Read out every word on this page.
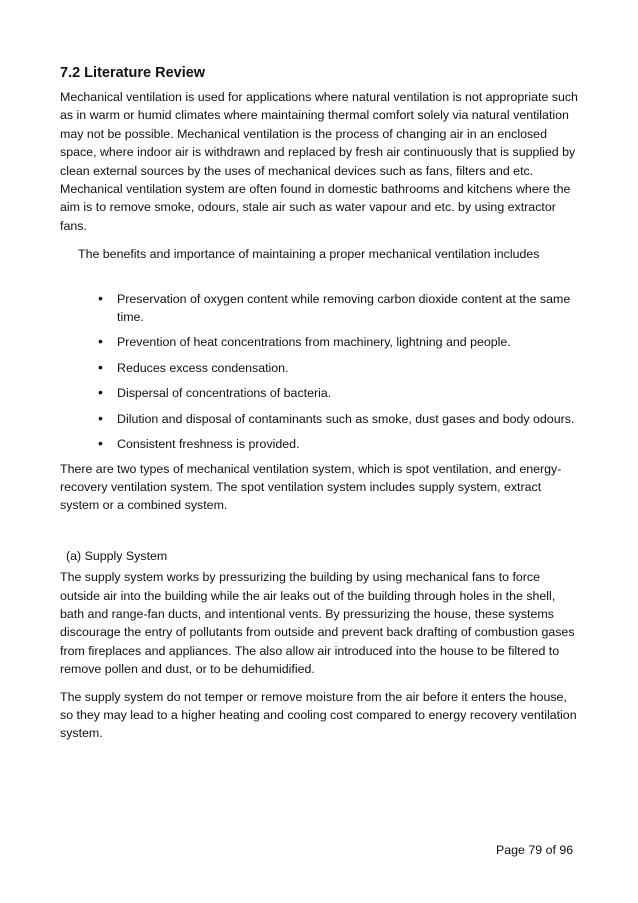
7.2 Literature Review

Mechanical ventilation is used for applications where natural ventilation is not appropriate such as in warm or humid climates where maintaining thermal comfort solely via natural ventilation may not be possible. Mechanical ventilation is the process of changing air in an enclosed space, where indoor air is withdrawn and replaced by fresh air continuously that is supplied by clean external sources by the uses of mechanical devices such as fans, filters and etc. Mechanical ventilation system are often found in domestic bathrooms and kitchens where the aim is to remove smoke, odours, stale air such as water vapour and etc. by using extractor fans.

The benefits and importance of maintaining a proper mechanical ventilation includes

• Preservation of oxygen content while removing carbon dioxide content at the same time.
• Prevention of heat concentrations from machinery, lightning and people.
• Reduces excess condensation.
• Dispersal of concentrations of bacteria.
• Dilution and disposal of contaminants such as smoke, dust gases and body odours.
• Consistent freshness is provided.

There are two types of mechanical ventilation system, which is spot ventilation, and energy-recovery ventilation system. The spot ventilation system includes supply system, extract system or a combined system.

(a) Supply System

The supply system works by pressurizing the building by using mechanical fans to force outside air into the building while the air leaks out of the building through holes in the shell, bath and range-fan ducts, and intentional vents. By pressurizing the house, these systems discourage the entry of pollutants from outside and prevent back drafting of combustion gases from fireplaces and appliances. The also allow air introduced into the house to be filtered to remove pollen and dust, or to be dehumidified.

The supply system do not temper or remove moisture from the air before it enters the house, so they may lead to a higher heating and cooling cost compared to energy recovery ventilation system.

Page 79 of 96
